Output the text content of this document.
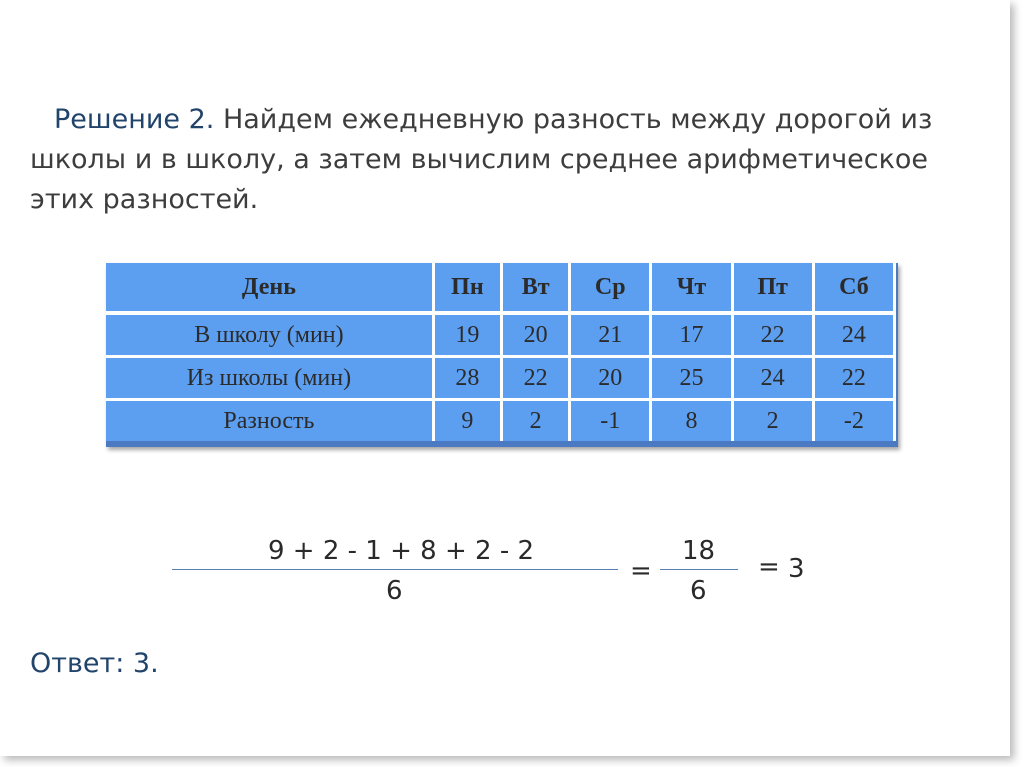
Решение 2. Найдем ежедневную разность между дорогой из школы и в школу, а затем вычислим среднее арифметическое этих разностей.
День	Пн	Вт	Ср	Чт	Пт	Сб
В школу (мин)	19	20	21	17	22	24
Из школы (мин)	28	22	20	25	24	22
Разность	9	2	-1	8	2	-2
9 + 2 - 1 + 8 + 2 - 2
6
=
18
6
= 3
Ответ: 3.
